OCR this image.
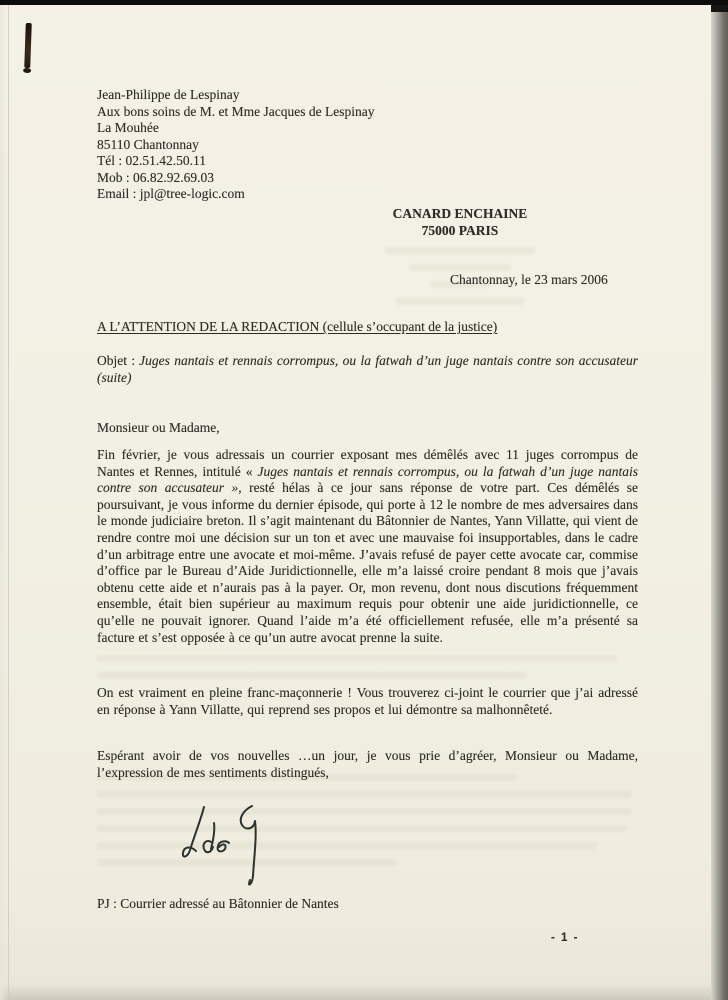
Jean-Philippe de Lespinay
Aux bons soins de M. et Mme Jacques de Lespinay
La Mouhée
85110 Chantonnay
Tél : 02.51.42.50.11
Mob : 06.82.92.69.03
Email : jpl@tree-logic.com
CANARD ENCHAINE
75000 PARIS
Chantonnay, le 23 mars 2006
A L’ATTENTION DE LA REDACTION (cellule s’occupant de la justice)
Objet : Juges nantais et rennais corrompus, ou la fatwah d’un juge nantais contre son accusateur (suite)
Monsieur ou Madame,
Fin février, je vous adressais un courrier exposant mes démêlés avec 11 juges corrompus de Nantes et Rennes, intitulé « Juges nantais et rennais corrompus, ou la fatwah d’un juge nantais contre son accusateur », resté hélas à ce jour sans réponse de votre part. Ces démêlés se poursuivant, je vous informe du dernier épisode, qui porte à 12 le nombre de mes adversaires dans le monde judiciaire breton. Il s’agit maintenant du Bâtonnier de Nantes, Yann Villatte, qui vient de rendre contre moi une décision sur un ton et avec une mauvaise foi insupportables, dans le cadre d’un arbitrage entre une avocate et moi-même. J’avais refusé de payer cette avocate car, commise d’office par le Bureau d’Aide Juridictionnelle, elle m’a laissé croire pendant 8 mois que j’avais obtenu cette aide et n’aurais pas à la payer. Or, mon revenu, dont nous discutions fréquemment ensemble, était bien supérieur au maximum requis pour obtenir une aide juridictionnelle, ce qu’elle ne pouvait ignorer. Quand l’aide m’a été officiellement refusée, elle m’a présenté sa facture et s’est opposée à ce qu’un autre avocat prenne la suite.
On est vraiment en pleine franc-maçonnerie ! Vous trouverez ci-joint le courrier que j’ai adressé en réponse à Yann Villatte, qui reprend ses propos et lui démontre sa malhonnêteté.
Espérant avoir de vos nouvelles …un jour, je vous prie d’agréer, Monsieur ou Madame, l’expression de mes sentiments distingués,
PJ : Courrier adressé au Bâtonnier de Nantes
- 1 -
